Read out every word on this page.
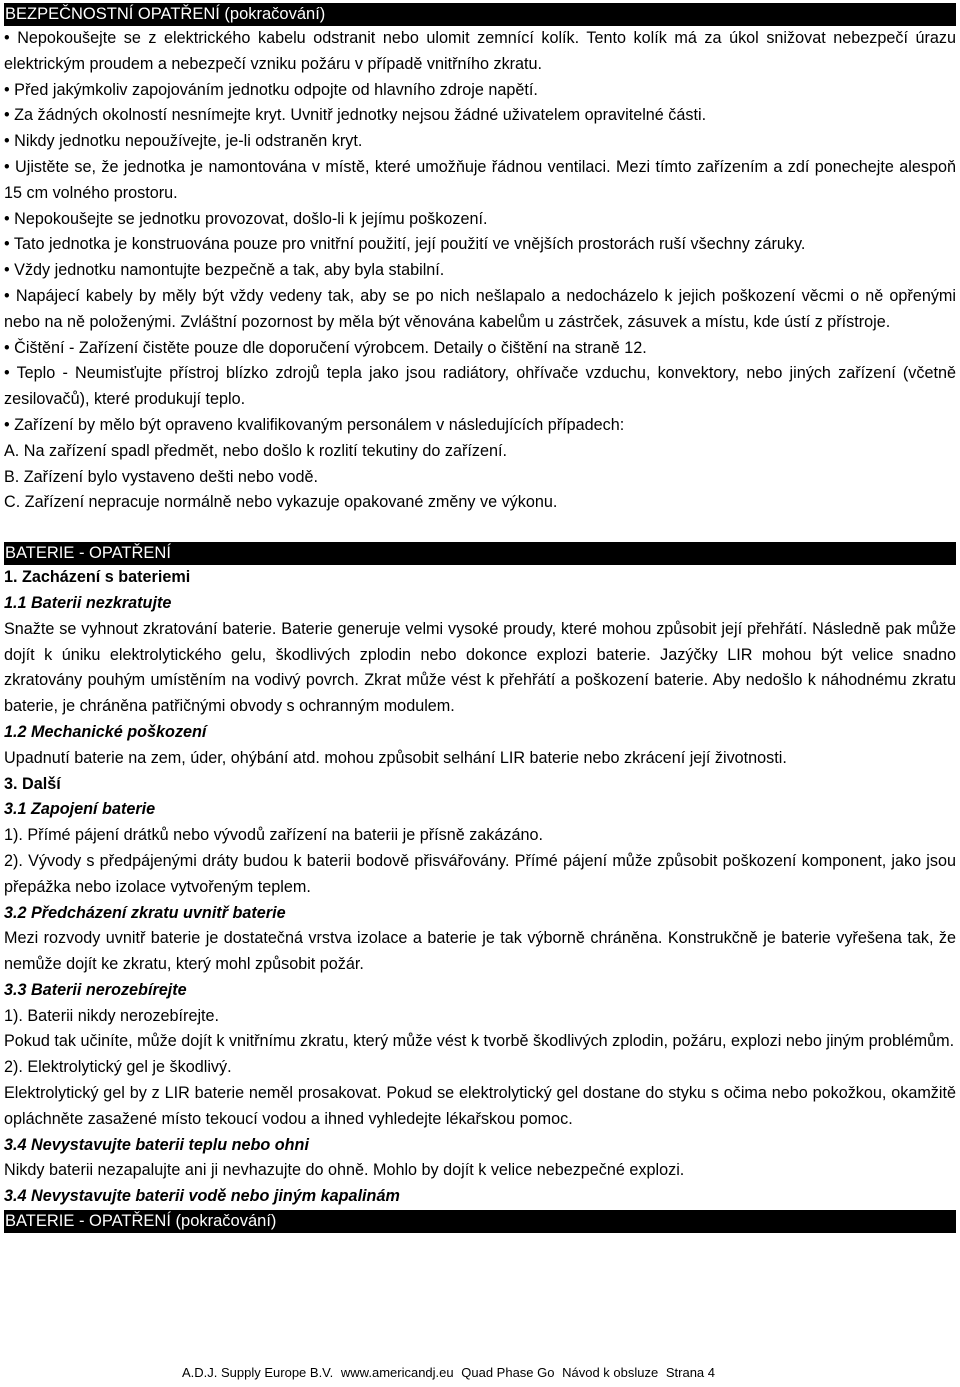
BEZPEČNOSTNÍ OPATŘENÍ (pokračování)
• Nepokoušejte se z elektrického kabelu odstranit nebo ulomit zemnící kolík. Tento kolík má za úkol snižovat nebezpečí úrazu elektrickým proudem a nebezpečí vzniku požáru v případě vnitřního zkratu.
• Před jakýmkoliv zapojováním jednotku odpojte od hlavního zdroje napětí.
• Za žádných okolností nesnímejte kryt. Uvnitř jednotky nejsou žádné uživatelem opravitelné části.
• Nikdy jednotku nepoužívejte, je-li odstraněn kryt.
• Ujistěte se, že jednotka je namontována v místě, které umožňuje řádnou ventilaci. Mezi tímto zařízením a zdí ponechejte alespoň 15 cm volného prostoru.
• Nepokoušejte se jednotku provozovat, došlo-li k jejímu poškození.
• Tato jednotka je konstruována pouze pro vnitřní použití, její použití ve vnějších prostorách ruší všechny záruky.
• Vždy jednotku namontujte bezpečně a tak, aby byla stabilní.
• Napájecí kabely by měly být vždy vedeny tak, aby se po nich nešlapalo a nedocházelo k jejich poškození věcmi o ně opřenými nebo na ně položenými. Zvláštní pozornost by měla být věnována kabelům u zástrček, zásuvek a místu, kde ústí z přístroje.
• Čištění - Zařízení čistěte pouze dle doporučení výrobcem. Detaily o čištění na straně 12.
• Teplo - Neumisťujte přístroj blízko zdrojů tepla jako jsou radiátory, ohřívače vzduchu, konvektory, nebo jiných zařízení (včetně zesilovačů), které produkují teplo.
• Zařízení by mělo být opraveno kvalifikovaným personálem v následujících případech:
A. Na zařízení spadl předmět, nebo došlo k rozlití tekutiny do zařízení.
B. Zařízení bylo vystaveno dešti nebo vodě.
C. Zařízení nepracuje normálně nebo vykazuje opakované změny ve výkonu.
BATERIE - OPATŘENÍ
1. Zacházení s bateriemi
1.1 Baterii nezkratujte
Snažte se vyhnout zkratování baterie. Baterie generuje velmi vysoké proudy, které mohou způsobit její přehřátí. Následně pak může dojít k úniku elektrolytického gelu, škodlivých zplodin nebo dokonce explozi baterie. Jazýčky LIR mohou být velice snadno zkratovány pouhým umístěním na vodivý povrch. Zkrat může vést k přehřátí a poškození baterie. Aby nedošlo k náhodnému zkratu baterie, je chráněna patřičnými obvody s ochranným modulem.
1.2 Mechanické poškození
Upadnutí baterie na zem, úder, ohýbání atd. mohou způsobit selhání LIR baterie nebo zkrácení její životnosti.
3. Další
3.1 Zapojení baterie
1). Přímé pájení drátků nebo vývodů zařízení na baterii je přísně zakázáno.
2). Vývody s předpájenými dráty budou k baterii bodově přisvářovány. Přímé pájení může způsobit poškození komponent, jako jsou přepážka nebo izolace vytvořeným teplem.
3.2 Předcházení zkratu uvnitř baterie
Mezi rozvody uvnitř baterie je dostatečná vrstva izolace a baterie je tak výborně chráněna. Konstrukčně je baterie vyřešena tak, že nemůže dojít ke zkratu, který mohl způsobit požár.
3.3 Baterii nerozebírejte
1). Baterii nikdy nerozebírejte.
Pokud tak učiníte, může dojít k vnitřnímu zkratu, který může vést k tvorbě škodlivých zplodin, požáru, explozi nebo jiným problémům.
2). Elektrolytický gel je škodlivý.
Elektrolytický gel by z LIR baterie neměl prosakovat. Pokud se elektrolytický gel dostane do styku s očima nebo pokožkou, okamžitě opláchněte zasažené místo tekoucí vodou a ihned vyhledejte lékařskou pomoc.
3.4 Nevystavujte baterii teplu nebo ohni
Nikdy baterii nezapalujte ani ji nevhazujte do ohně. Mohlo by dojít k velice nebezpečné explozi.
3.4 Nevystavujte baterii vodě nebo jiným kapalinám
BATERIE - OPATŘENÍ (pokračování)
A.D.J. Supply Europe B.V. www.americandj.eu Quad Phase Go Návod k obsluze Strana 4
